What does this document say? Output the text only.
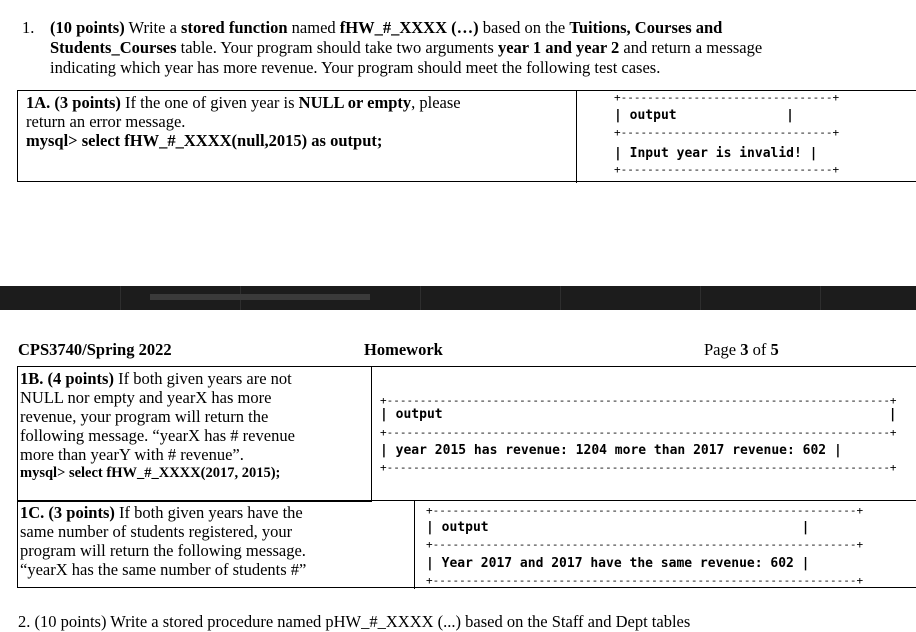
1. (10 points) Write a stored function named fHW_#_XXXX (…) based on the Tuitions, Courses and
Students_Courses table. Your program should take two arguments year 1 and year 2 and return a message
indicating which year has more revenue. Your program should meet the following test cases.
1A. (3 points) If the one of given year is NULL or empty, please
return an error message.
mysql> select fHW_#_XXXX(null,2015) as output;
+--------------------------------+
| output              |
+--------------------------------+
| Input year is invalid! |
+--------------------------------+
CPS3740/Spring 2022	Homework	Page 3 of 5
1B. (4 points) If both given years are not
NULL nor empty and yearX has more
revenue, your program will return the
following message. “yearX has # revenue
more than yearY with # revenue”.
mysql> select fHW_#_XXXX(2017, 2015);
+----------------------------------------------------------------------------+
| output                                                         |
+----------------------------------------------------------------------------+
| year 2015 has revenue: 1204 more than 2017 revenue: 602 |
+----------------------------------------------------------------------------+
1C. (3 points) If both given years have the
same number of students registered, your
program will return the following message.
“yearX has the same number of students #”
+----------------------------------------------------------------+
| output                                        |
+----------------------------------------------------------------+
| Year 2017 and 2017 have the same revenue: 602 |
+----------------------------------------------------------------+
2. (10 points) Write a stored procedure named pHW_#_XXXX (...) based on the Staff and Dept tables
